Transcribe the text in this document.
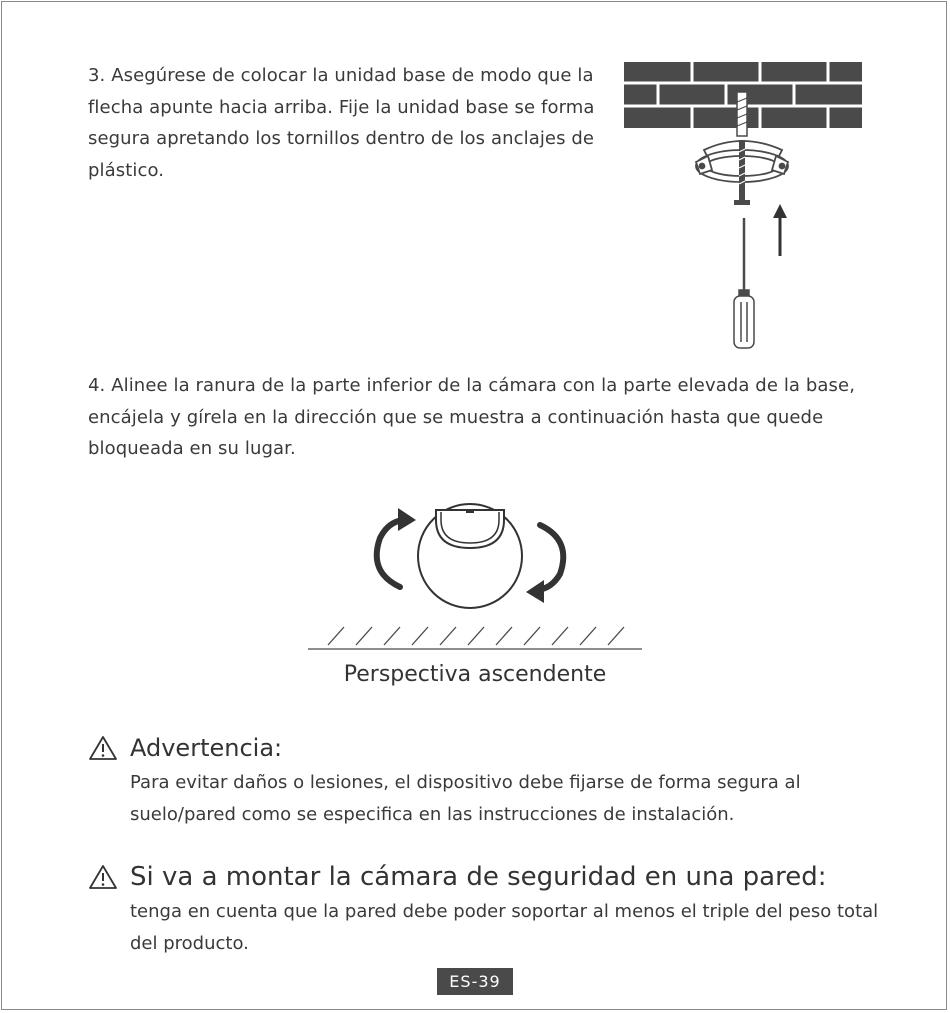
3. Asegúrese de colocar la unidad base de modo que la flecha apunte hacia arriba. Fije la unidad base se forma segura apretando los tornillos dentro de los anclajes de plástico.

4. Alinee la ranura de la parte inferior de la cámara con la parte elevada de la base, encájela y gírela en la dirección que se muestra a continuación hasta que quede bloqueada en su lugar.

Perspectiva ascendente
Advertencia:
Para evitar daños o lesiones, el dispositivo debe fijarse de forma segura al suelo/pared como se especifica en las instrucciones de instalación.
Si va a montar la cámara de seguridad en una pared:
tenga en cuenta que la pared debe poder soportar al menos el triple del peso total del producto.
ES-39
